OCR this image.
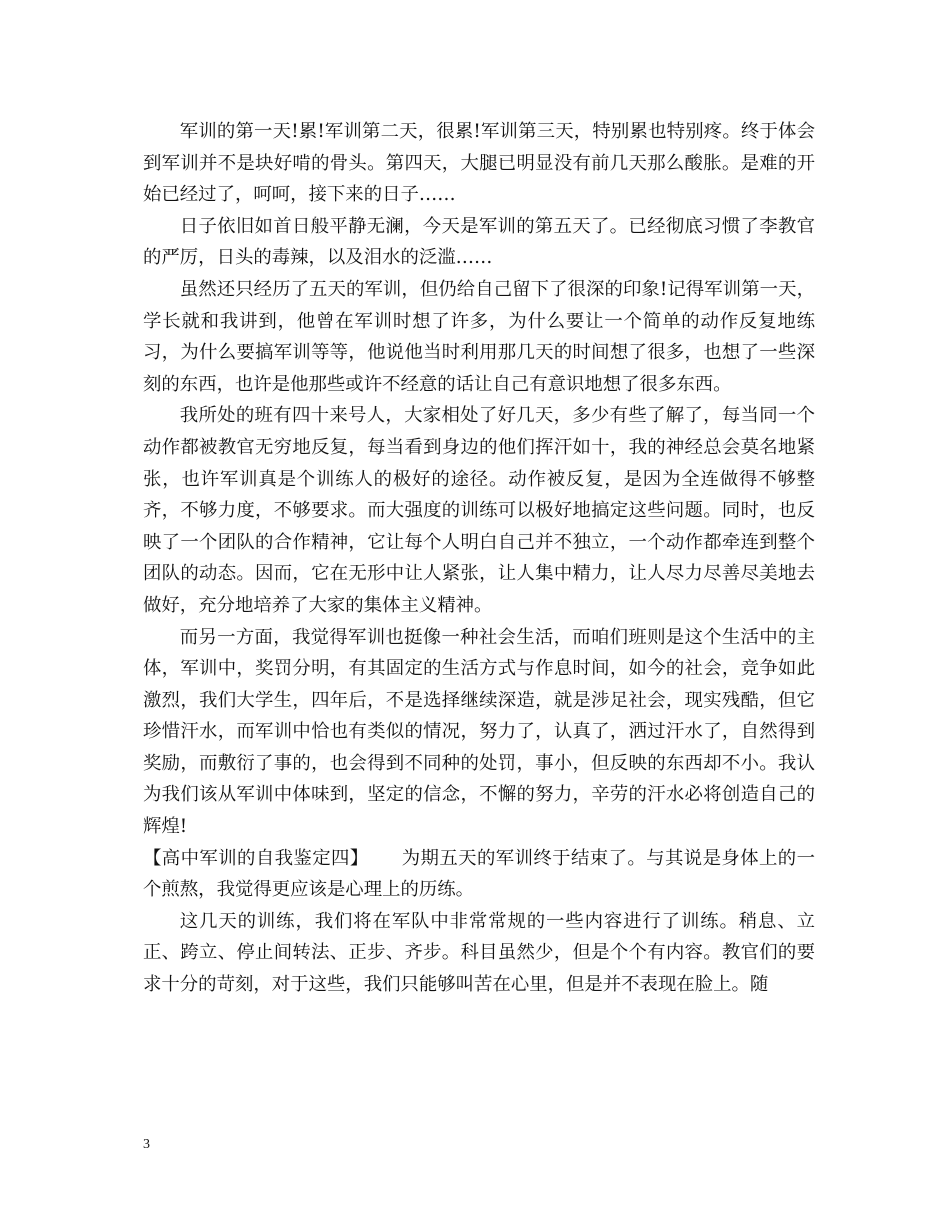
军训的第一天!累!军训第二天，很累!军训第三天，特别累也特别疼。终于体会到军训并不是块好啃的骨头。第四天，大腿已明显没有前几天那么酸胀。是难的开始已经过了，呵呵，接下来的日子……

日子依旧如首日般平静无澜，今天是军训的第五天了。已经彻底习惯了李教官的严厉，日头的毒辣，以及泪水的泛滥……

虽然还只经历了五天的军训，但仍给自己留下了很深的印象!记得军训第一天，学长就和我讲到，他曾在军训时想了许多，为什么要让一个简单的动作反复地练习，为什么要搞军训等等，他说他当时利用那几天的时间想了很多，也想了一些深刻的东西，也许是他那些或许不经意的话让自己有意识地想了很多东西。

我所处的班有四十来号人，大家相处了好几天，多少有些了解了，每当同一个动作都被教官无穷地反复，每当看到身边的他们挥汗如十，我的神经总会莫名地紧张，也许军训真是个训练人的极好的途径。动作被反复，是因为全连做得不够整齐，不够力度，不够要求。而大强度的训练可以极好地搞定这些问题。同时，也反映了一个团队的合作精神，它让每个人明白自己并不独立，一个动作都牵连到整个团队的动态。因而，它在无形中让人紧张，让人集中精力，让人尽力尽善尽美地去做好，充分地培养了大家的集体主义精神。

而另一方面，我觉得军训也挺像一种社会生活，而咱们班则是这个生活中的主体，军训中，奖罚分明，有其固定的生活方式与作息时间，如今的社会，竞争如此激烈，我们大学生，四年后，不是选择继续深造，就是涉足社会，现实残酷，但它珍惜汗水，而军训中恰也有类似的情况，努力了，认真了，洒过汗水了，自然得到奖励，而敷衍了事的，也会得到不同种的处罚，事小，但反映的东西却不小。我认为我们该从军训中体味到，坚定的信念，不懈的努力，辛劳的汗水必将创造自己的辉煌!

【高中军训的自我鉴定四】 为期五天的军训终于结束了。与其说是身体上的一个煎熬，我觉得更应该是心理上的历练。

这几天的训练，我们将在军队中非常常规的一些内容进行了训练。稍息、立正、跨立、停止间转法、正步、齐步。科目虽然少，但是个个有内容。教官们的要求十分的苛刻，对于这些，我们只能够叫苦在心里，但是并不表现在脸上。随

3
